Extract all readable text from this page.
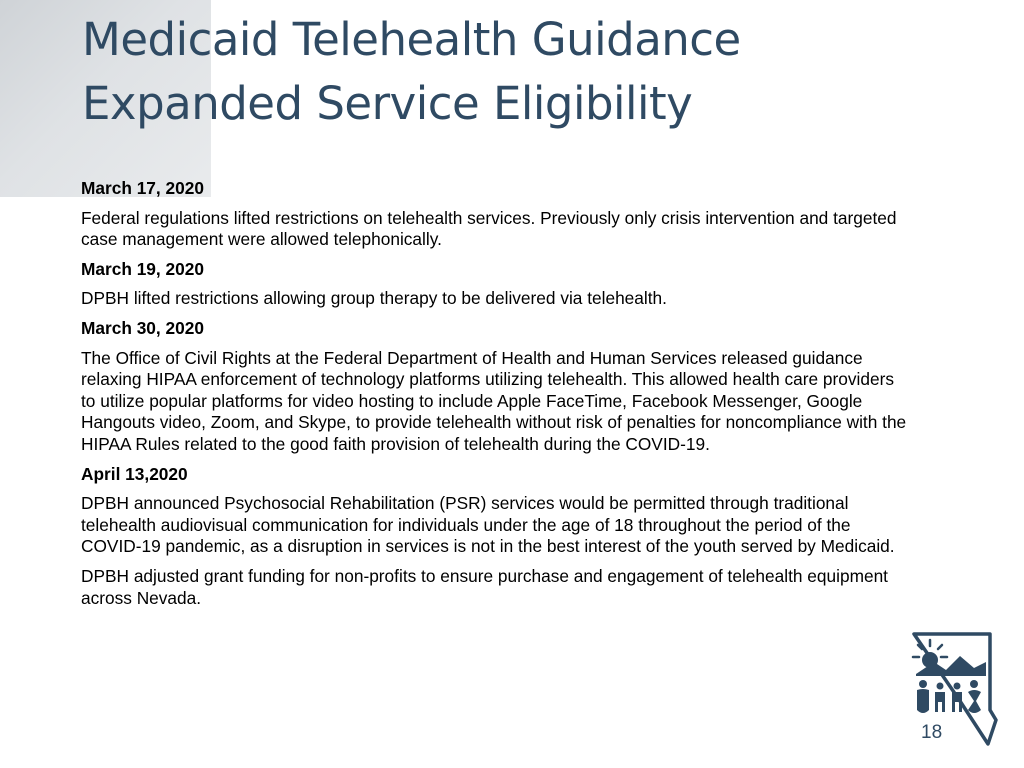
Medicaid Telehealth Guidance
Expanded Service Eligibility

March 17, 2020

Federal regulations lifted restrictions on telehealth services. Previously only crisis intervention and targeted case management were allowed telephonically.

March 19, 2020

DPBH lifted restrictions allowing group therapy to be delivered via telehealth.

March 30, 2020

The Office of Civil Rights at the Federal Department of Health and Human Services released guidance relaxing HIPAA enforcement of technology platforms utilizing telehealth. This allowed health care providers to utilize popular platforms for video hosting to include Apple FaceTime, Facebook Messenger, Google Hangouts video, Zoom, and Skype, to provide telehealth without risk of penalties for noncompliance with the HIPAA Rules related to the good faith provision of telehealth during the COVID-19.

April 13,2020

DPBH announced Psychosocial Rehabilitation (PSR) services would be permitted through traditional telehealth audiovisual communication for individuals under the age of 18 throughout the period of the COVID-19 pandemic, as a disruption in services is not in the best interest of the youth served by Medicaid.

DPBH adjusted grant funding for non-profits to ensure purchase and engagement of telehealth equipment across Nevada.

18
